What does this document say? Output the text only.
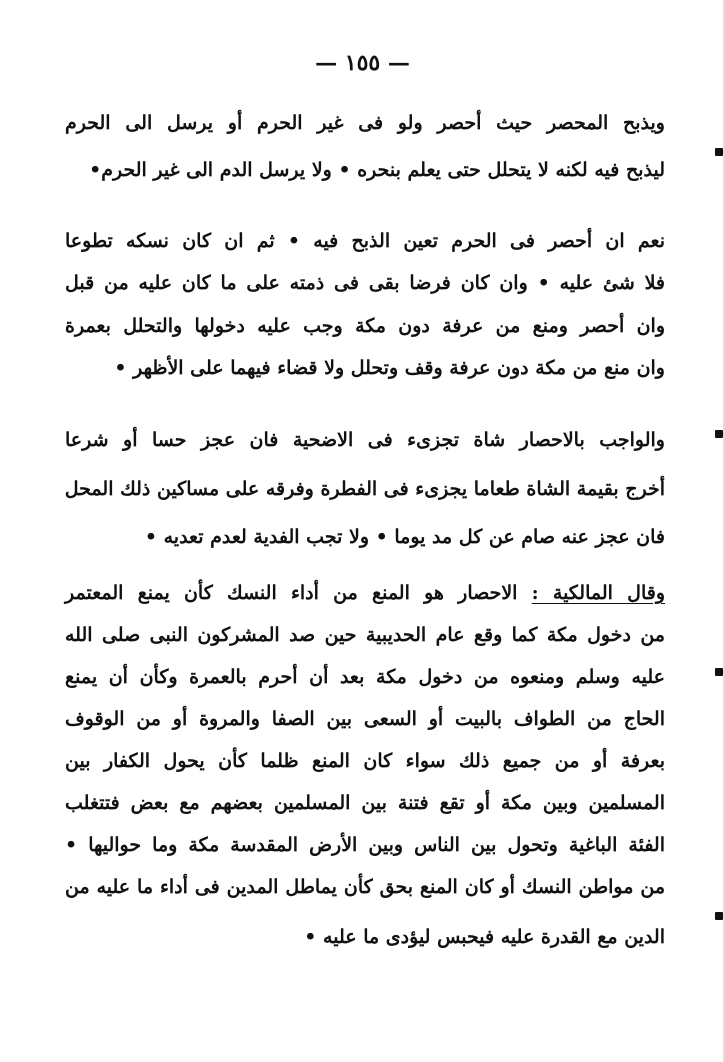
— ١٥٥ —
ويذبح المحصر حيث أحصر ولو فى غير الحرم أو يرسل الى الحرم
ليذبح فيه لكنه لا يتحلل حتى يعلم بنحره • ولا يرسل الدم الى غير الحرم•
نعم ان أحصر فى الحرم تعين الذبح فيه • ثم ان كان نسكه تطوعا
فلا شئ عليه • وان كان فرضا بقى فى ذمته على ما كان عليه من قبل
وان أحصر ومنع من عرفة دون مكة وجب عليه دخولها والتحلل بعمرة
وان منع من مكة دون عرفة وقف وتحلل ولا قضاء فيهما على الأظهر •
والواجب بالاحصار شاة تجزىء فى الاضحية فان عجز حسا أو شرعا
أخرج بقيمة الشاة طعاما يجزىء فى الفطرة وفرقه على مساكين ذلك المحل
فان عجز عنه صام عن كل مد يوما • ولا تجب الفدية لعدم تعديه •
وقال المالكية : الاحصار هو المنع من أداء النسك كأن يمنع المعتمر
من دخول مكة كما وقع عام الحديبية حين صد المشركون النبى صلى الله
عليه وسلم ومنعوه من دخول مكة بعد أن أحرم بالعمرة وكأن أن يمنع
الحاج من الطواف بالبيت أو السعى بين الصفا والمروة أو من الوقوف
بعرفة أو من جميع ذلك سواء كان المنع ظلما كأن يحول الكفار بين
المسلمين وبين مكة أو تقع فتنة بين المسلمين بعضهم مع بعض فتتغلب
الفئة الباغية وتحول بين الناس وبين الأرض المقدسة مكة وما حواليها •
من مواطن النسك أو كان المنع بحق كأن يماطل المدين فى أداء ما عليه من
الدين مع القدرة عليه فيحبس ليؤدى ما عليه •
